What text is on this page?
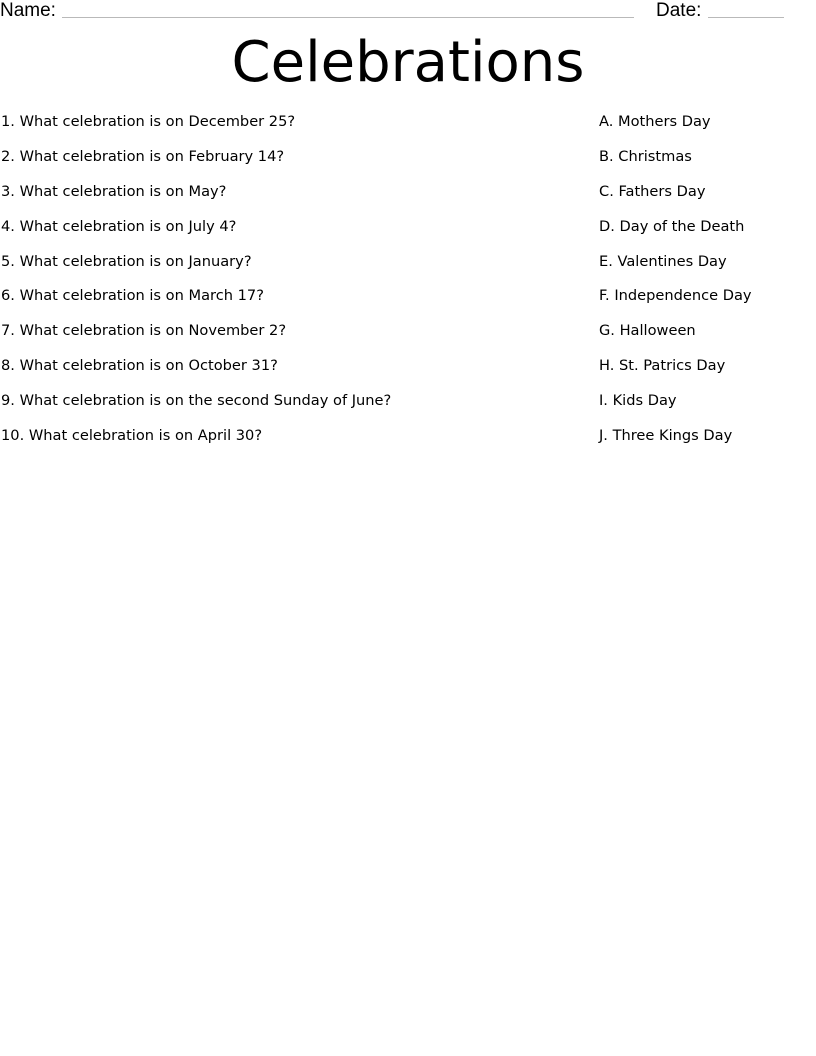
Name:	Date:
Celebrations
1. What celebration is on December 25?
2. What celebration is on February 14?
3. What celebration is on May?
4. What celebration is on July 4?
5. What celebration is on January?
6. What celebration is on March 17?
7. What celebration is on November 2?
8. What celebration is on October 31?
9. What celebration is on the second Sunday of June?
10. What celebration is on April 30?
A. Mothers Day
B. Christmas
C. Fathers Day
D. Day of the Death
E. Valentines Day
F. Independence Day
G. Halloween
H. St. Patrics Day
I. Kids Day
J. Three Kings Day
